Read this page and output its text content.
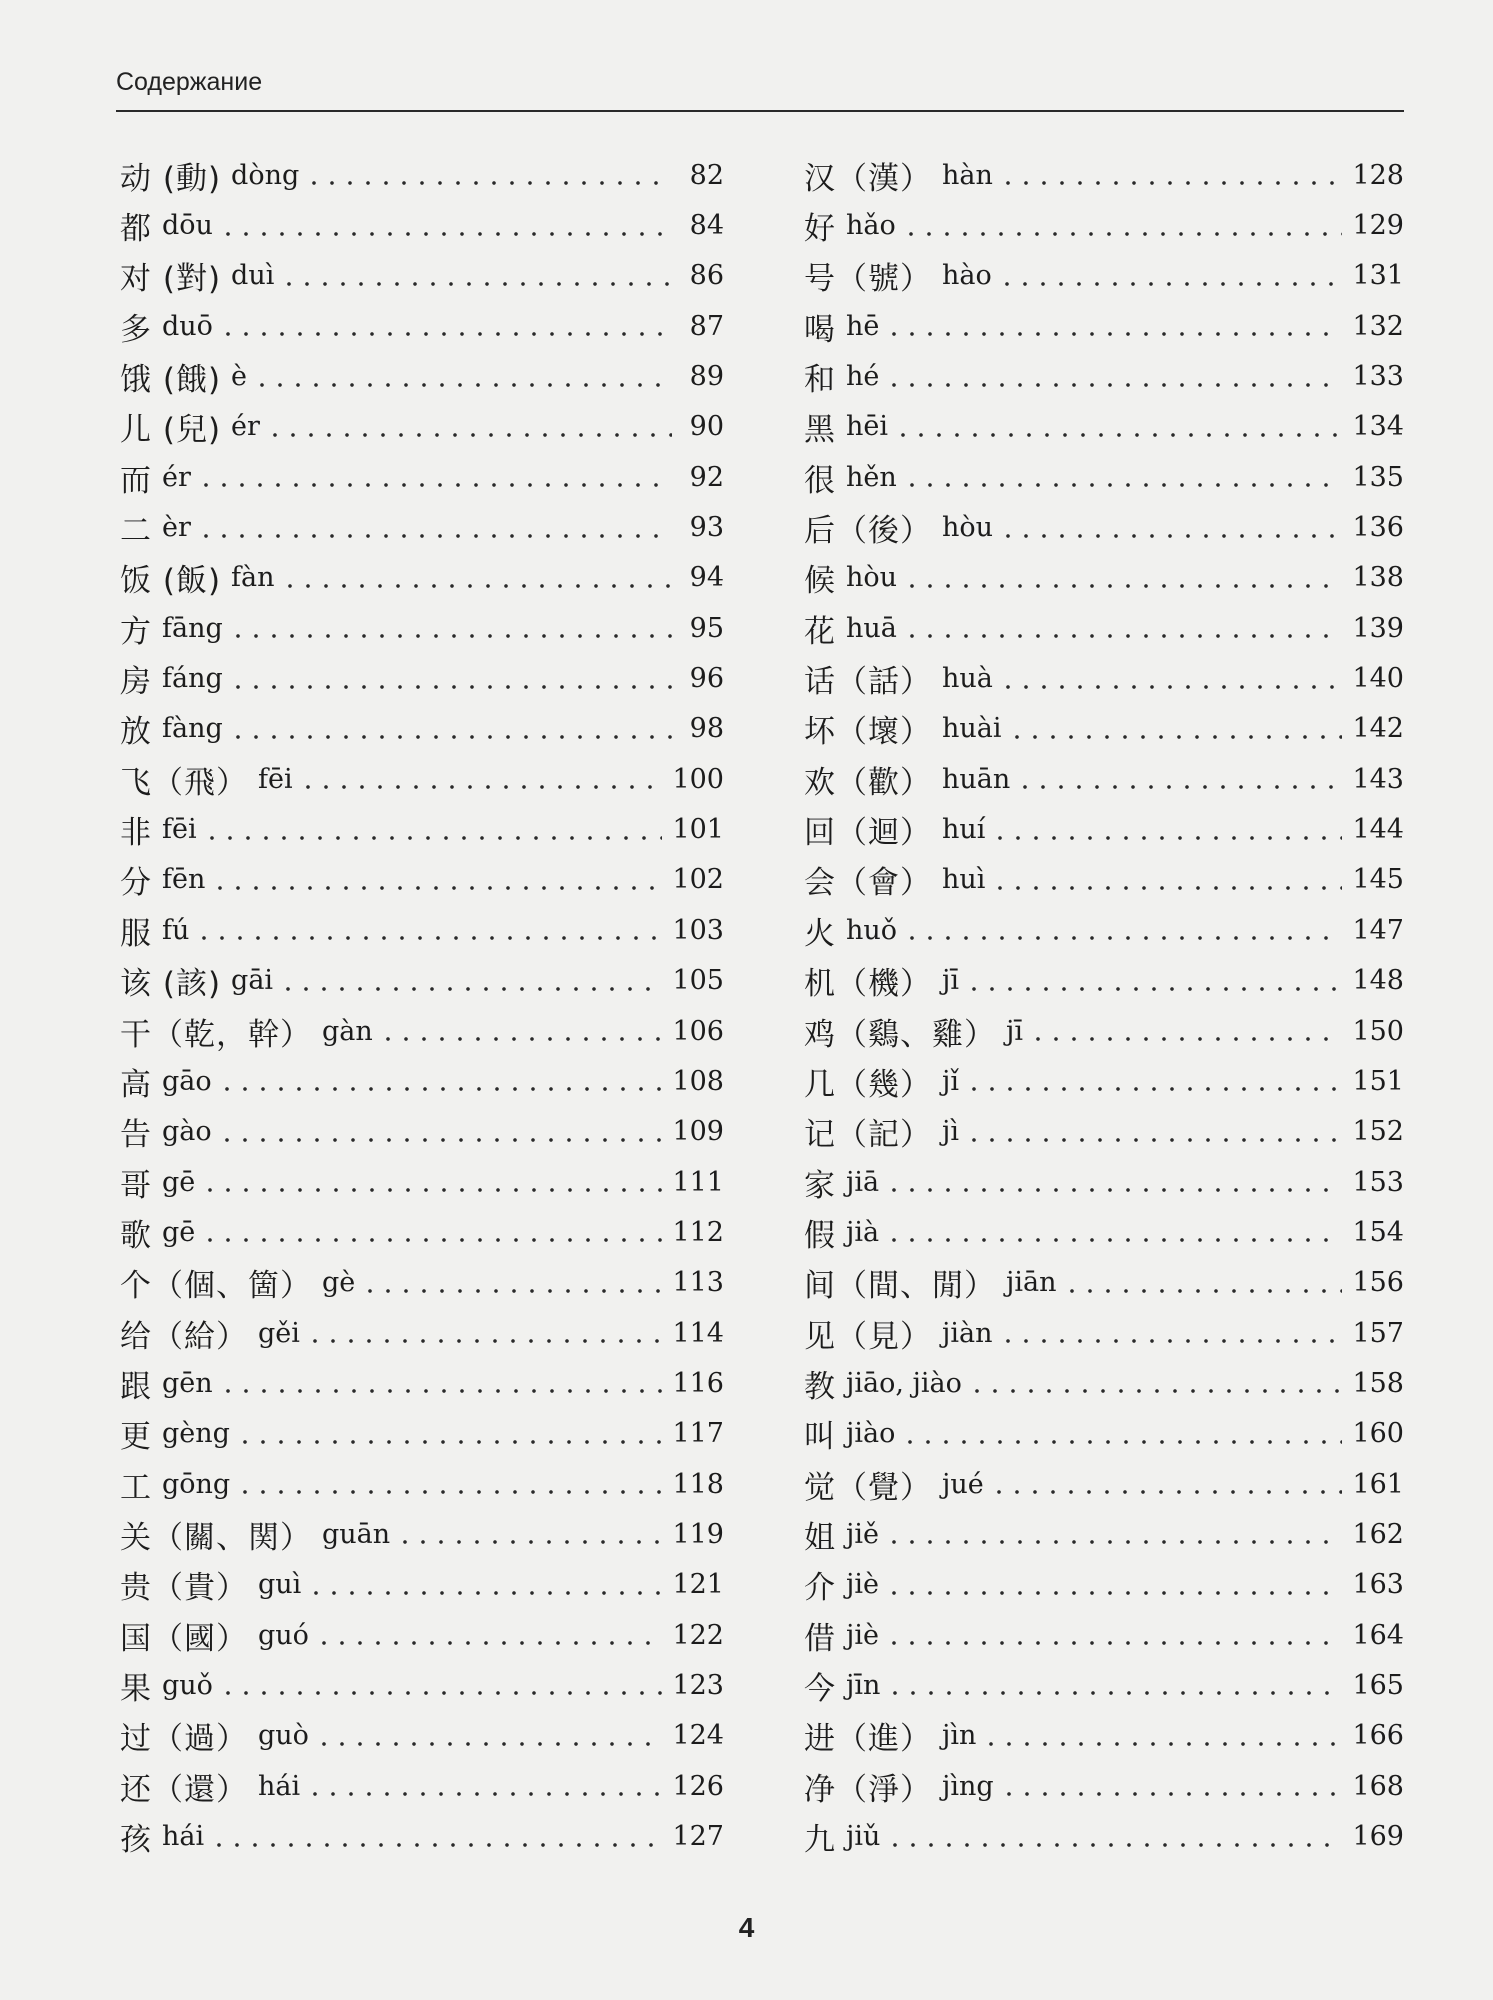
Содержание
动 (動) dòng	82
都 dōu	84
对 (對) duì	86
多 duō	87
饿 (餓) è	89
儿 (兒) ér	90
而 ér	92
二 èr	93
饭 (飯) fàn	94
方 fāng	95
房 fáng	96
放 fàng	98
飞（飛） fēi	100
非 fēi	101
分 fēn	102
服 fú	103
该 (該) gāi	105
干（乾，幹） gàn	106
高 gāo	108
告 gào	109
哥 gē	111
歌 gē	112
个（個、箇） gè	113
给（給） gěi	114
跟 gēn	116
更 gèng	117
工 gōng	118
关（關、関） guān	119
贵（貴） guì	121
国（國） guó	122
果 guǒ	123
过（過） guò	124
还（還） hái	126
孩 hái	127
汉（漢） hàn	128
好 hǎo	129
号（號） hào	131
喝 hē	132
和 hé	133
黑 hēi	134
很 hěn	135
后（後） hòu	136
候 hòu	138
花 huā	139
话（話） huà	140
坏（壞） huài	142
欢（歡） huān	143
回（迴） huí	144
会（會） huì	145
火 huǒ	147
机（機） jī	148
鸡（鷄、雞） jī	150
几（幾） jǐ	151
记（記） jì	152
家 jiā	153
假 jià	154
间（間、閒） jiān	156
见（見） jiàn	157
教 jiāo, jiào	158
叫 jiào	160
觉（覺） jué	161
姐 jiě	162
介 jiè	163
借 jiè	164
今 jīn	165
进（進） jìn	166
净（淨） jìng	168
九 jiǔ	169
4
